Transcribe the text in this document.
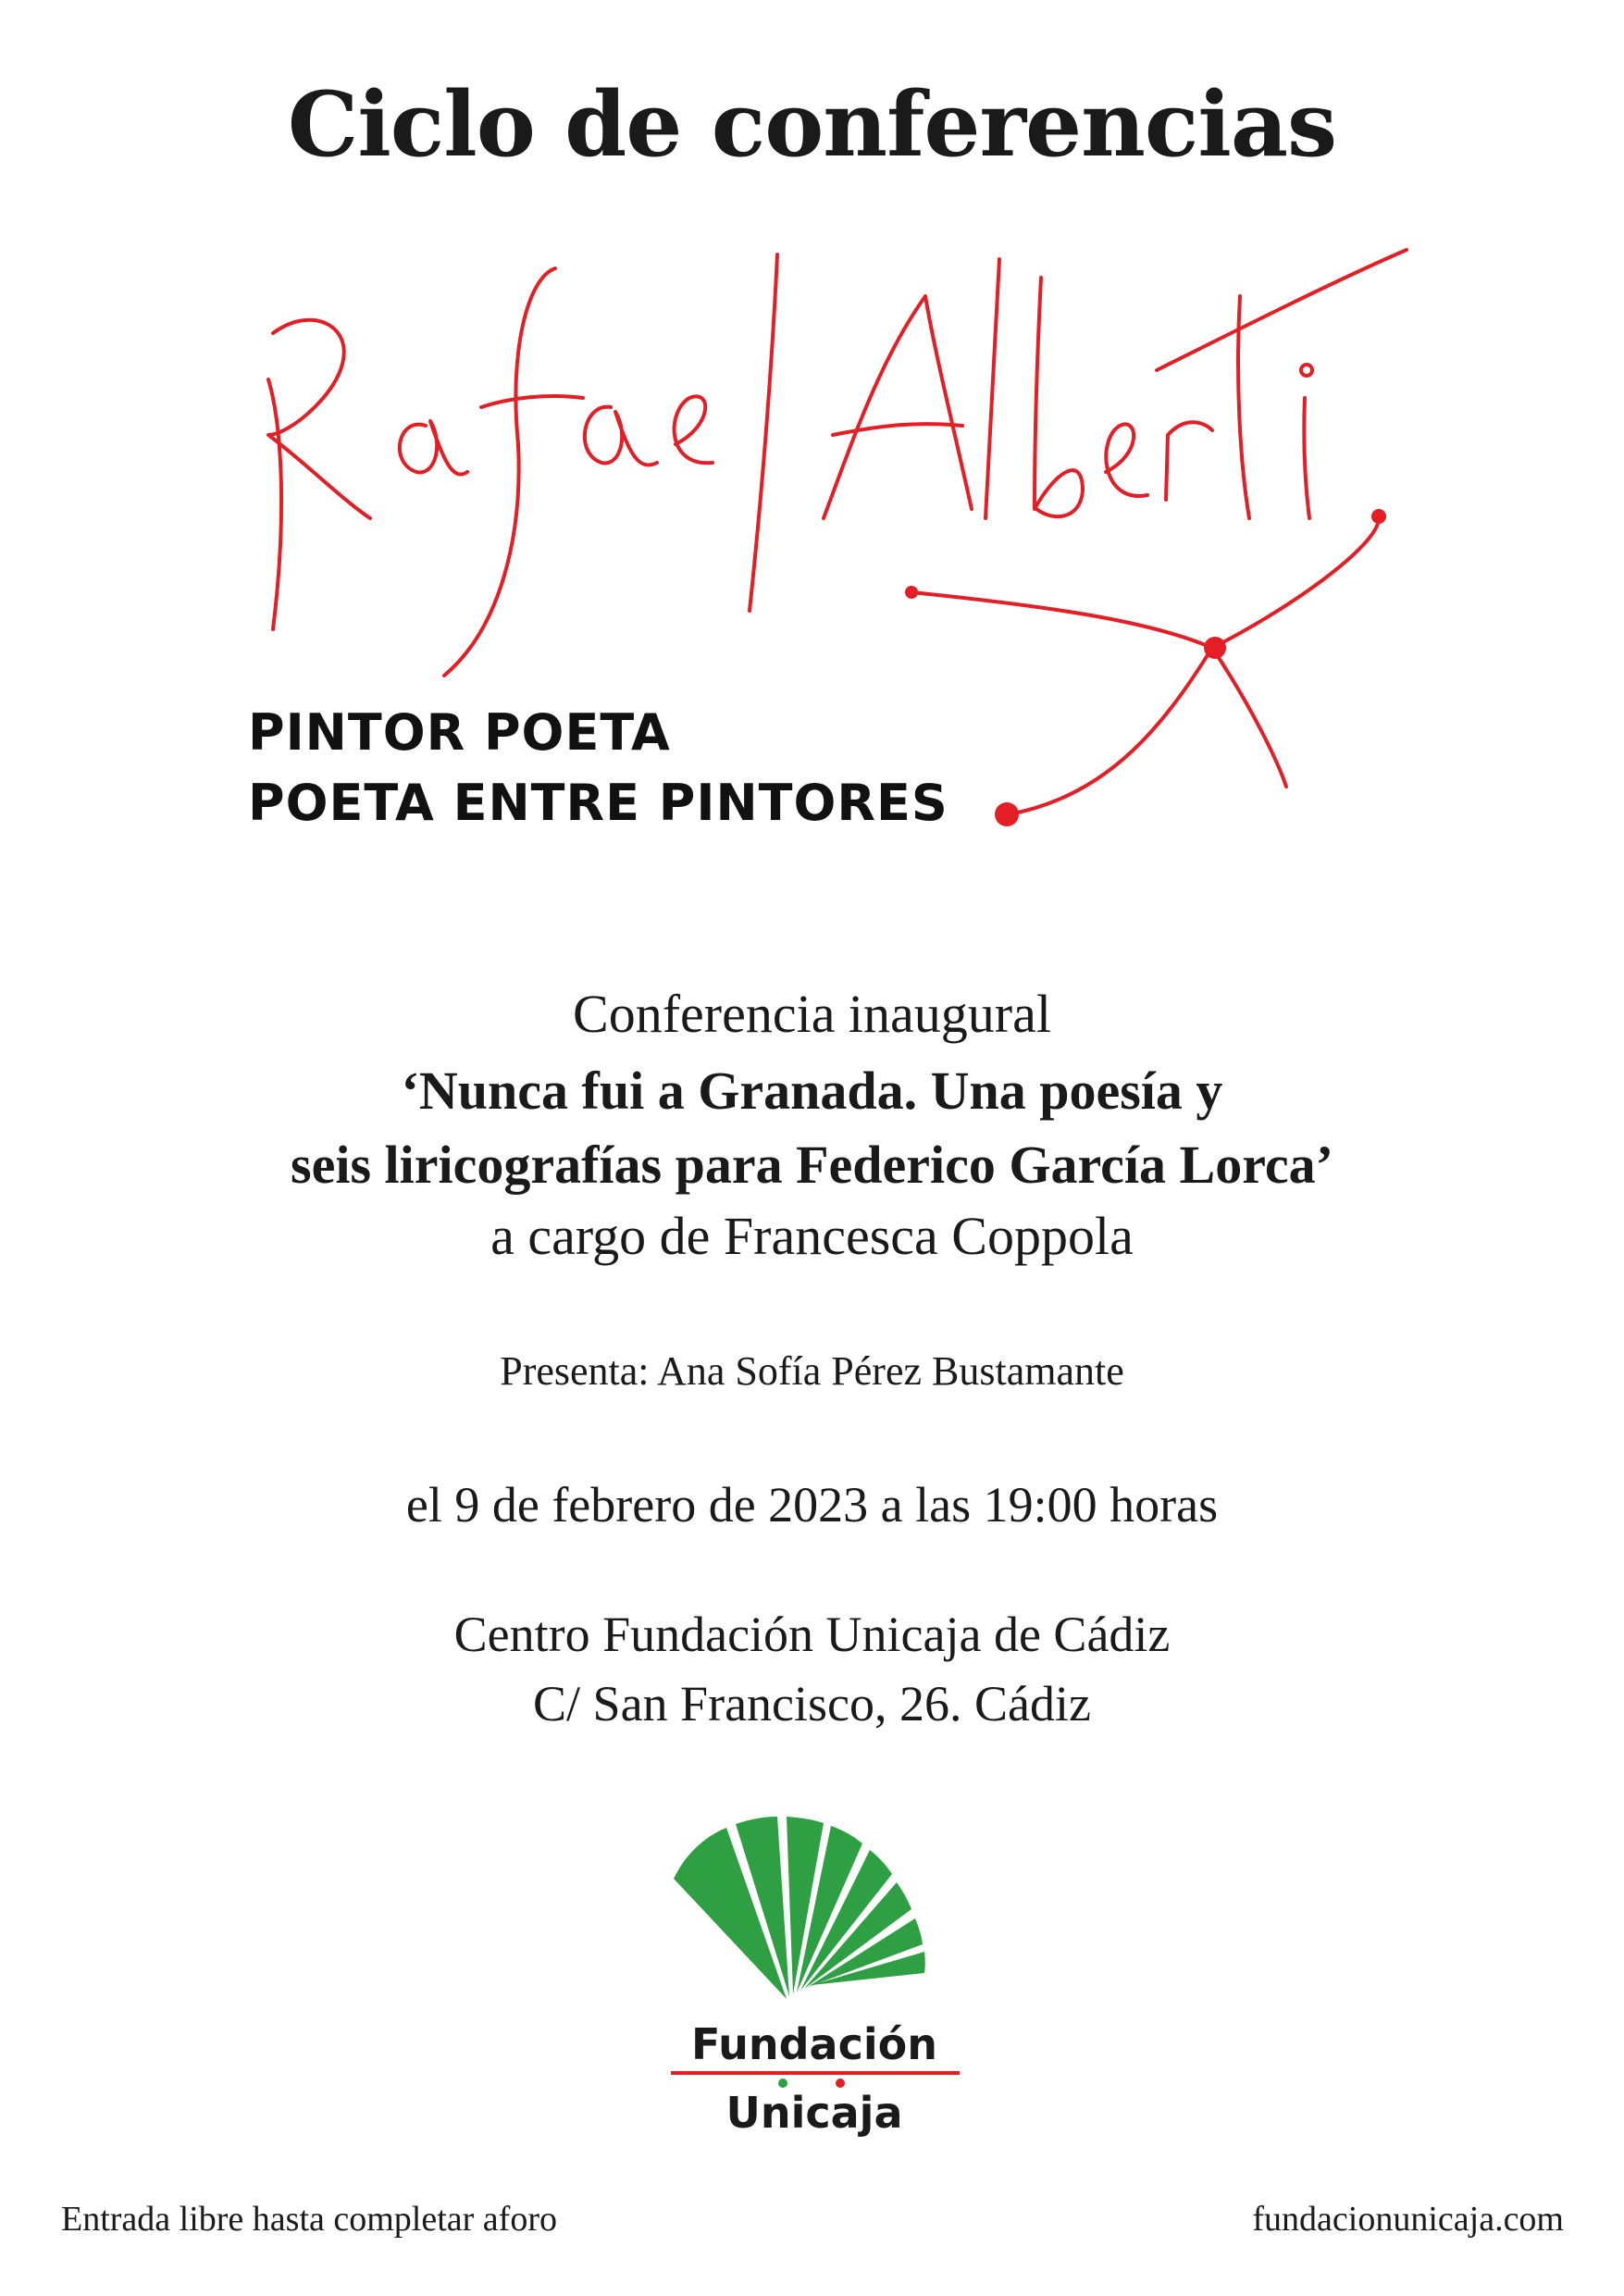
Ciclo de conferencias
PINTOR POETA
POETA ENTRE PINTORES
Conferencia inaugural
‘Nunca fui a Granada. Una poesía y
seis liricografías para Federico García Lorca’
a cargo de Francesca Coppola
Presenta: Ana Sofía Pérez Bustamante
el 9 de febrero de 2023 a las 19:00 horas
Centro Fundación Unicaja de Cádiz
C/ San Francisco, 26. Cádiz
Fundación
Unicaja
Entrada libre hasta completar aforo	fundacionunicaja.com
